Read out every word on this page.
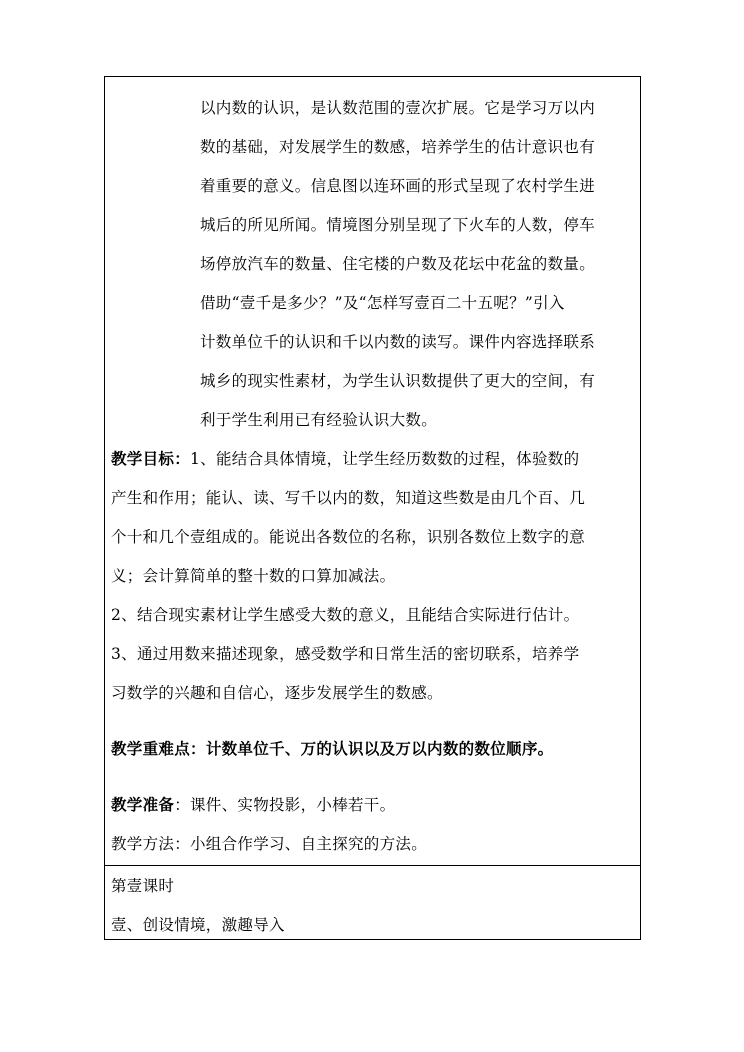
以内数的认识，是认数范围的壹次扩展。它是学习万以内
数的基础，对发展学生的数感，培养学生的估计意识也有
着重要的意义。信息图以连环画的形式呈现了农村学生进
城后的所见所闻。情境图分别呈现了下火车的人数，停车
场停放汽车的数量、住宅楼的户数及花坛中花盆的数量。
借助“壹千是多少？”及“怎样写壹百二十五呢？”引入
计数单位千的认识和千以内数的读写。课件内容选择联系
城乡的现实性素材，为学生认识数提供了更大的空间，有
利于学生利用已有经验认识大数。
教学目标：1、能结合具体情境，让学生经历数数的过程，体验数的
产生和作用；能认、读、写千以内的数，知道这些数是由几个百、几
个十和几个壹组成的。能说出各数位的名称，识别各数位上数字的意
义；会计算简单的整十数的口算加减法。
2、结合现实素材让学生感受大数的意义，且能结合实际进行估计。
3、通过用数来描述现象，感受数学和日常生活的密切联系，培养学
习数学的兴趣和自信心，逐步发展学生的数感。
教学重难点：计数单位千、万的认识以及万以内数的数位顺序。
教学准备：课件、实物投影，小棒若干。
教学方法：小组合作学习、自主探究的方法。
第壹课时
壹、创设情境，激趣导入
